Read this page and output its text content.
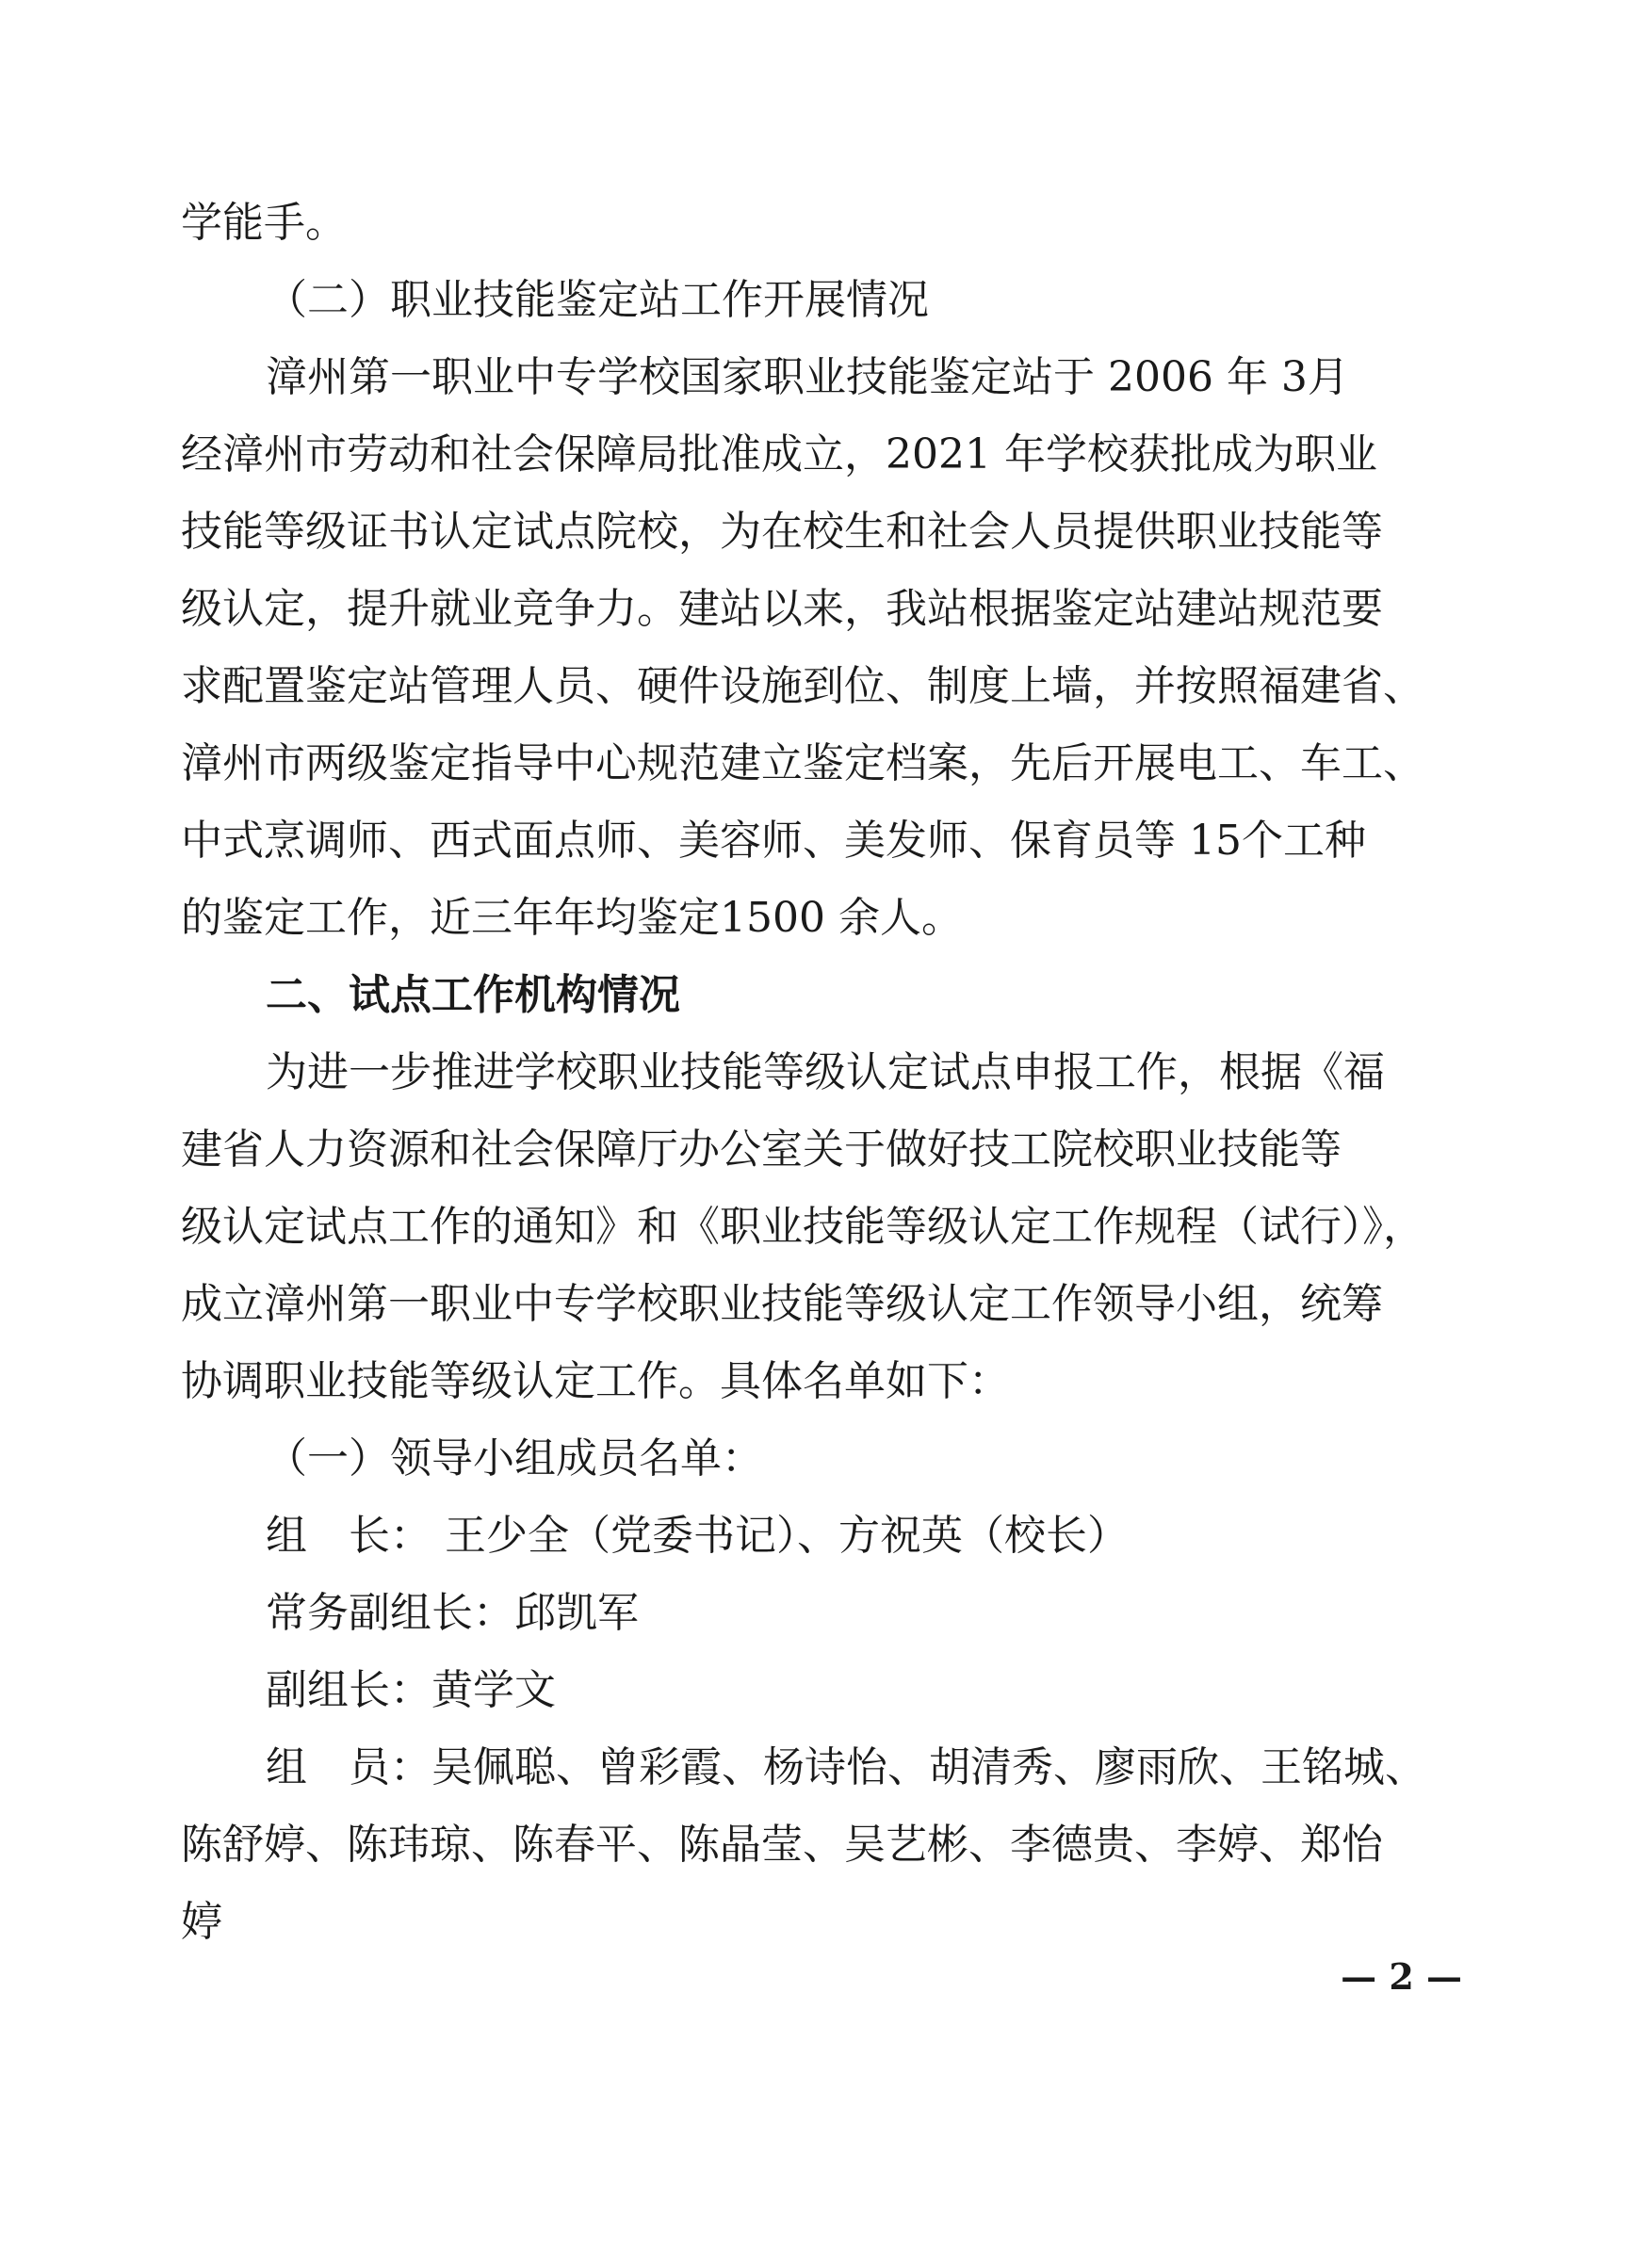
学能手。
（二）职业技能鉴定站工作开展情况
漳州第一职业中专学校国家职业技能鉴定站于 2006 年 3月
经漳州市劳动和社会保障局批准成立，2021 年学校获批成为职业
技能等级证书认定试点院校，为在校生和社会人员提供职业技能等
级认定，提升就业竞争力。建站以来，我站根据鉴定站建站规范要
求配置鉴定站管理人员、硬件设施到位、制度上墙，并按照福建省、
漳州市两级鉴定指导中心规范建立鉴定档案，先后开展电工、车工、
中式烹调师、西式面点师、美容师、美发师、保育员等 15个工种
的鉴定工作，近三年年均鉴定1500 余人。
二、试点工作机构情况
为进一步推进学校职业技能等级认定试点申报工作，根据《福
建省人力资源和社会保障厅办公室关于做好技工院校职业技能等
级认定试点工作的通知》和《职业技能等级认定工作规程（试行）》，
成立漳州第一职业中专学校职业技能等级认定工作领导小组，统筹
协调职业技能等级认定工作。具体名单如下：
（一）领导小组成员名单：
组　长： 王少全（党委书记）、方祝英（校长）
常务副组长：邱凯军
副组长：黄学文
组　员：吴佩聪、曾彩霞、杨诗怡、胡清秀、廖雨欣、王铭城、
陈舒婷、陈玮琼、陈春平、陈晶莹、吴艺彬、李德贵、李婷、郑怡
婷
— 2 —
